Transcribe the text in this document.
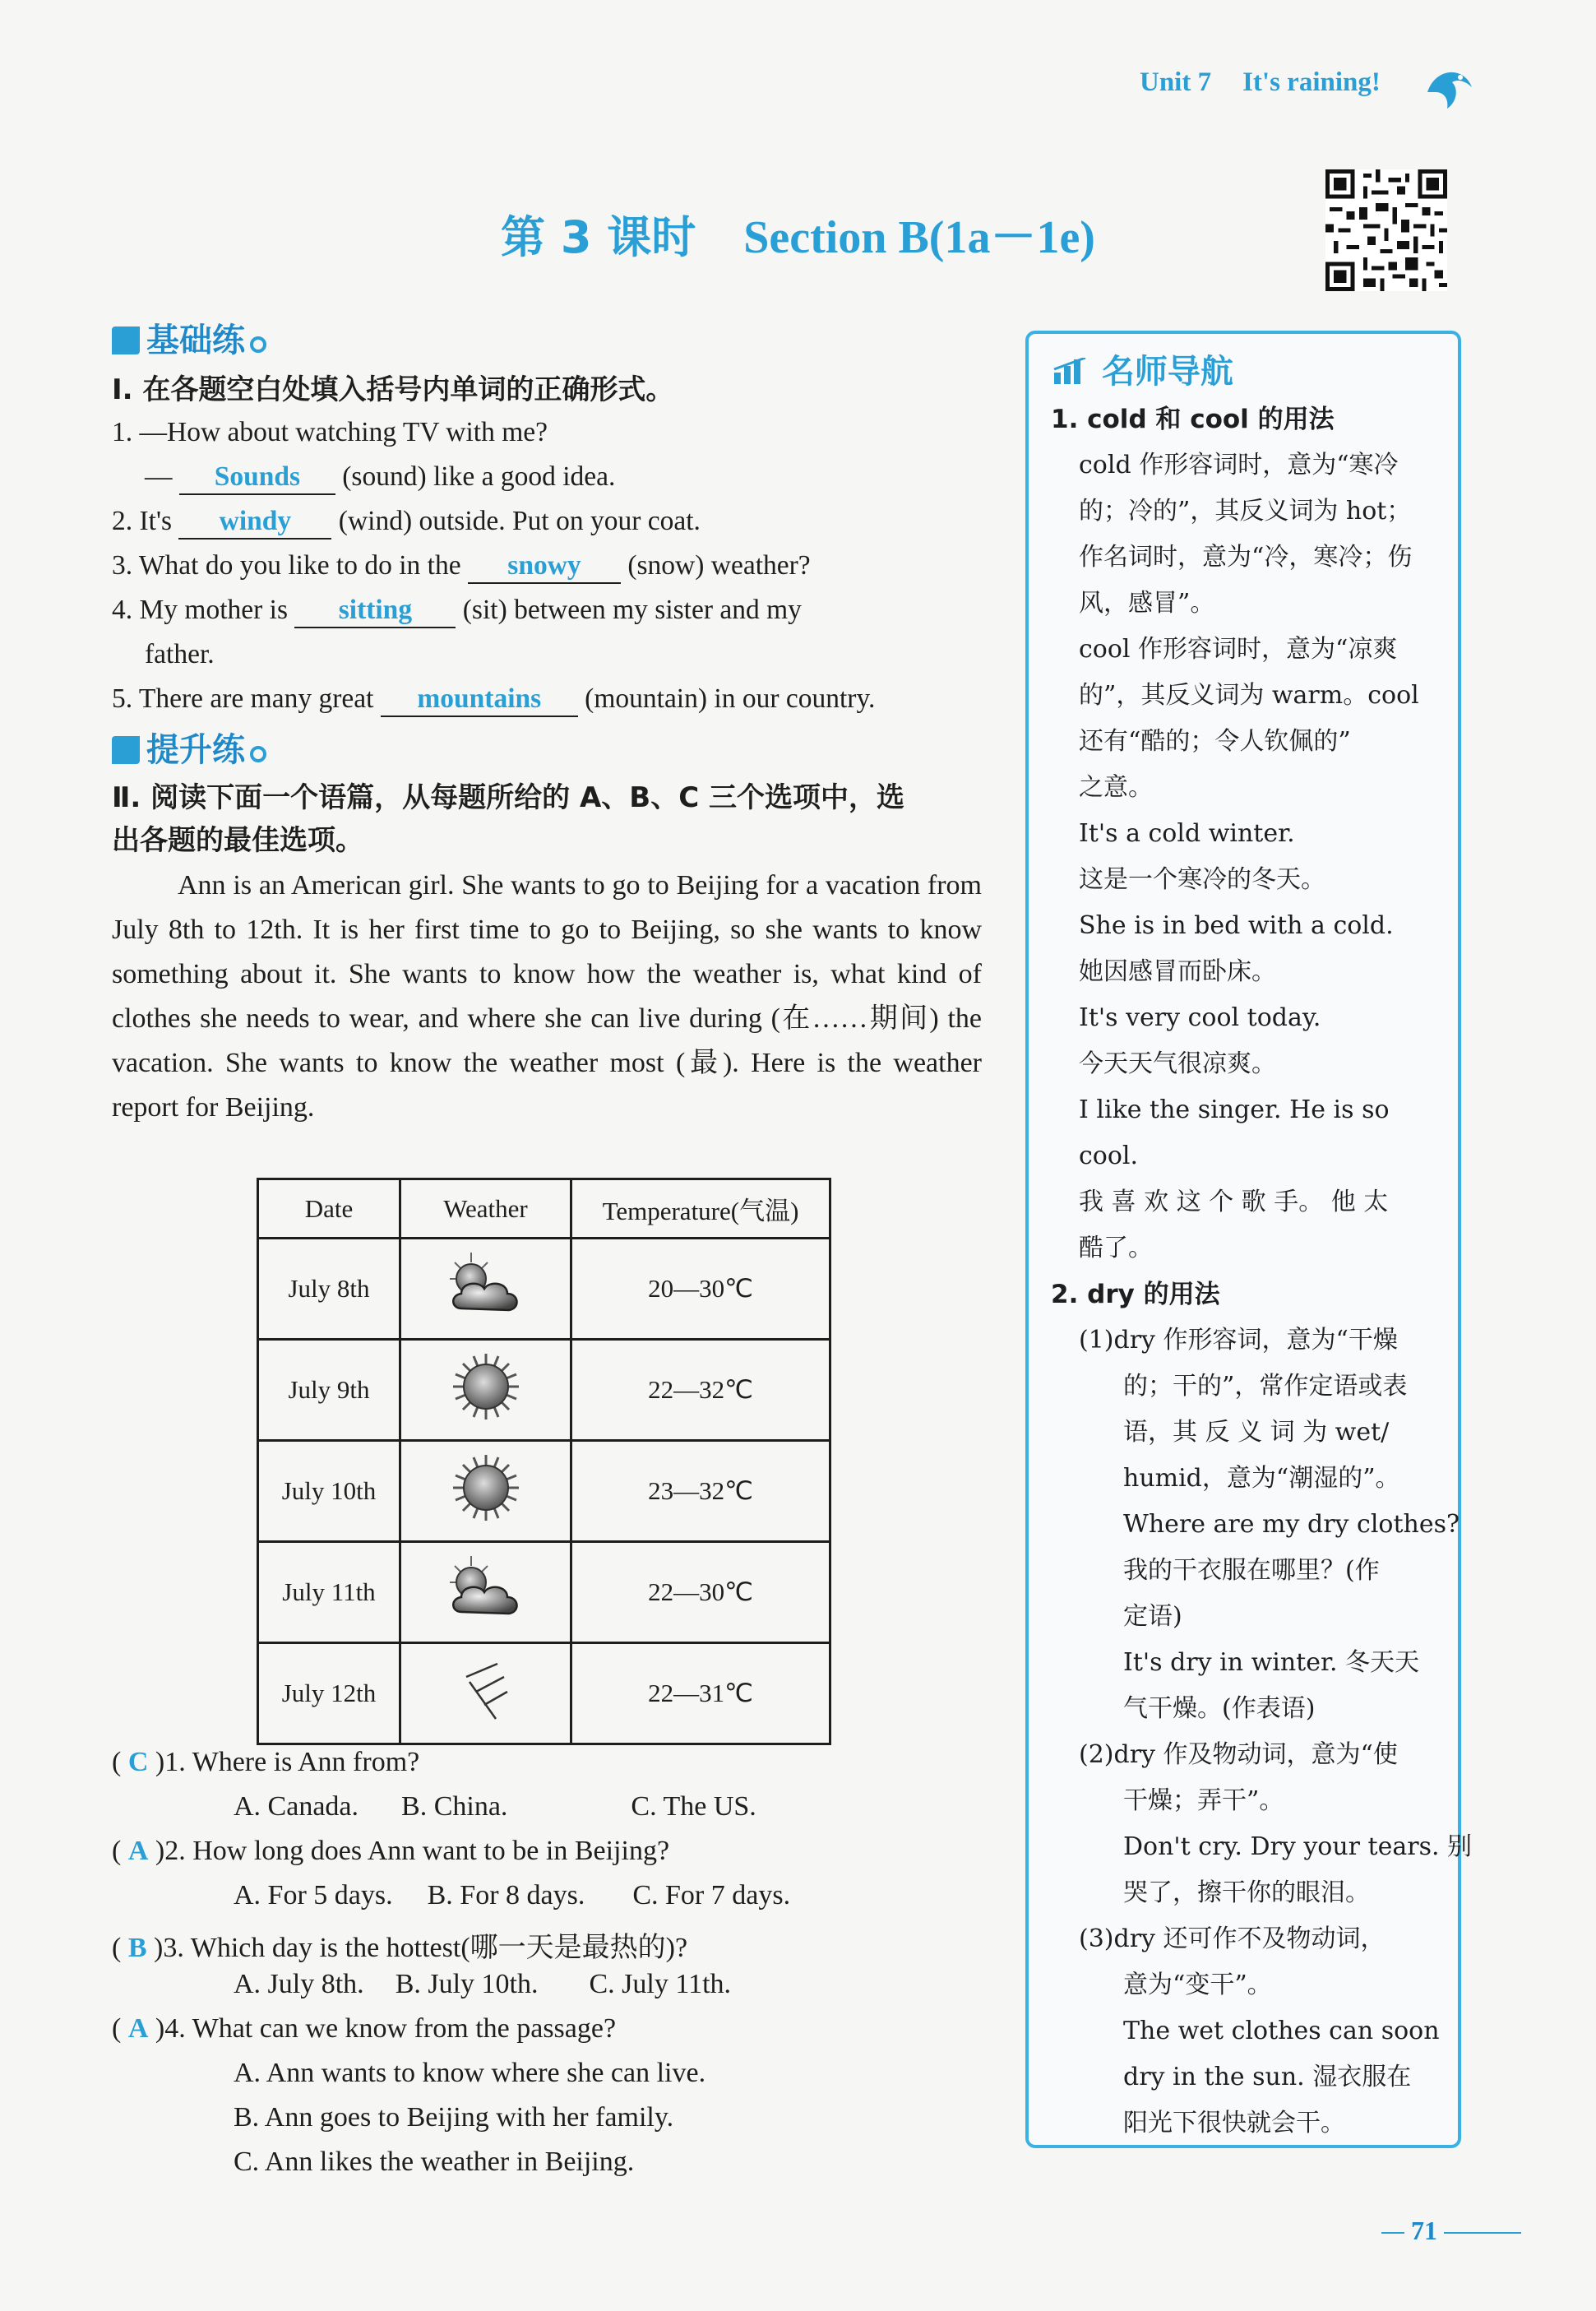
Unit 7 It's raining!
第 3 课时 Section B(1a－1e)
基础练
Ⅰ. 在各题空白处填入括号内单词的正确形式。
1. —How about watching TV with me?
— Sounds (sound) like a good idea.
2. It's windy (wind) outside. Put on your coat.
3. What do you like to do in the snowy (snow) weather?
4. My mother is sitting (sit) between my sister and my
father.
5. There are many great mountains (mountain) in our country.
提升练
Ⅱ. 阅读下面一个语篇，从每题所给的 A、B、C 三个选项中，选
出各题的最佳选项。
Ann is an American girl. She wants to go to Beijing for a vacation from July 8th to 12th. It is her first time to go to Beijing, so she wants to know something about it. She wants to know how the weather is, what kind of clothes she needs to wear, and where she can live during (在……期间) the vacation. She wants to know the weather most (最). Here is the weather report for Beijing.
Date	Weather	Temperature(气温)
July 8th		20—30℃
July 9th		22—32℃
July 10th		23—32℃
July 11th		22—30℃
July 12th		22—31℃
( C )1. Where is Ann from?
A. Canada. B. China.	C. The US.
( A )2. How long does Ann want to be in Beijing?
A. For 5 days. B. For 8 days. C. For 7 days.
( B )3. Which day is the hottest(哪一天是最热的)?
A. July 8th. B. July 10th. C. July 11th.
( A )4. What can we know from the passage?
A. Ann wants to know where she can live.
B. Ann goes to Beijing with her family.
C. Ann likes the weather in Beijing.
名师导航
1. cold 和 cool 的用法
cold 作形容词时，意为“寒冷
的；冷的”，其反义词为 hot；
作名词时，意为“冷，寒冷；伤
风，感冒”。
cool 作形容词时，意为“凉爽
的”，其反义词为 warm。cool
还有“酷的；令人钦佩的”
之意。
It's a cold winter.
这是一个寒冷的冬天。
She is in bed with a cold.
她因感冒而卧床。
It's very cool today.
今天天气很凉爽。
I like the singer. He is so
cool.
我 喜 欢 这 个 歌 手。 他 太
酷了。
2. dry 的用法
(1)dry 作形容词，意为“干燥
的；干的”，常作定语或表
语，其 反 义 词 为 wet/
humid，意为“潮湿的”。
Where are my dry clothes?
我的干衣服在哪里？(作
定语)
It's dry in winter. 冬天天
气干燥。(作表语)
(2)dry 作及物动词，意为“使
干燥；弄干”。
Don't cry. Dry your tears. 别
哭了，擦干你的眼泪。
(3)dry 还可作不及物动词，
意为“变干”。
The wet clothes can soon
dry in the sun. 湿衣服在
阳光下很快就会干。
71
